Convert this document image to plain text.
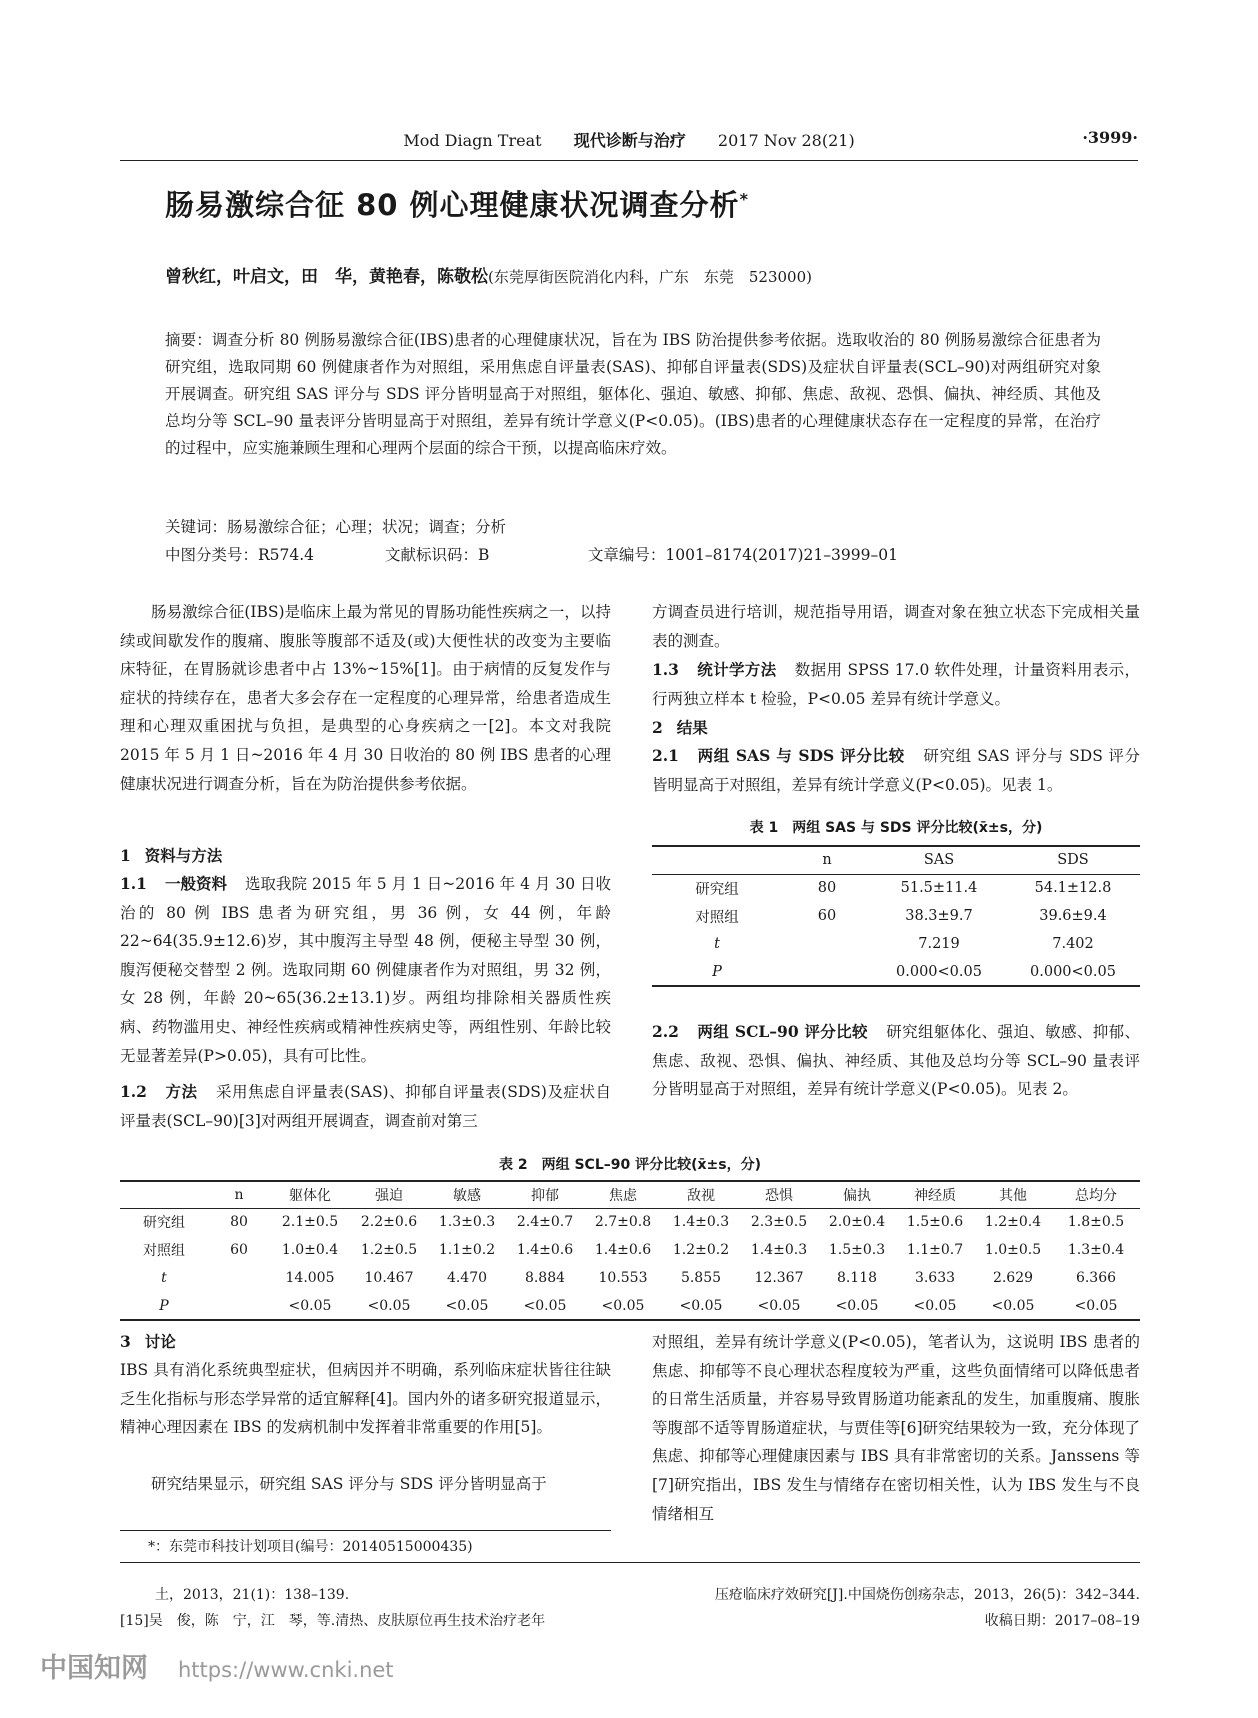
Mod Diagn Treat 现代诊断与治疗 2017 Nov 28(21)	·3999·
肠易激综合征 80 例心理健康状况调查分析*
曾秋红，叶启文，田　华，黄艳春，陈敬松(东莞厚街医院消化内科，广东　东莞　523000)
摘要：调查分析 80 例肠易激综合征(IBS)患者的心理健康状况，旨在为 IBS 防治提供参考依据。选取收治的 80 例肠易激综合征患者为研究组，选取同期 60 例健康者作为对照组，采用焦虑自评量表(SAS)、抑郁自评量表(SDS)及症状自评量表(SCL–90)对两组研究对象开展调查。研究组 SAS 评分与 SDS 评分皆明显高于对照组，躯体化、强迫、敏感、抑郁、焦虑、敌视、恐惧、偏执、神经质、其他及总均分等 SCL–90 量表评分皆明显高于对照组，差异有统计学意义(P<0.05)。(IBS)患者的心理健康状态存在一定程度的异常，在治疗的过程中，应实施兼顾生理和心理两个层面的综合干预，以提高临床疗效。
关键词：肠易激综合征；心理；状况；调查；分析
中图分类号：R574.4	文献标识码：B	文章编号：1001–8174(2017)21–3999–01
肠易激综合征(IBS)是临床上最为常见的胃肠功能性疾病之一，以持续或间歇发作的腹痛、腹胀等腹部不适及(或)大便性状的改变为主要临床特征，在胃肠就诊患者中占 13%~15%[1]。由于病情的反复发作与症状的持续存在，患者大多会存在一定程度的心理异常，给患者造成生理和心理双重困扰与负担，是典型的心身疾病之一[2]。本文对我院 2015 年 5 月 1 日~2016 年 4 月 30 日收治的 80 例 IBS 患者的心理健康状况进行调查分析，旨在为防治提供参考依据。
1 资料与方法
1.1 一般资料 选取我院 2015 年 5 月 1 日~2016 年 4 月 30 日收治的 80 例 IBS 患者为研究组，男 36 例，女 44 例，年龄 22~64(35.9±12.6)岁，其中腹泻主导型 48 例，便秘主导型 30 例，腹泻便秘交替型 2 例。选取同期 60 例健康者作为对照组，男 32 例，女 28 例，年龄 20~65(36.2±13.1)岁。两组均排除相关器质性疾病、药物滥用史、神经性疾病或精神性疾病史等，两组性别、年龄比较无显著差异(P>0.05)，具有可比性。
1.2 方法 采用焦虑自评量表(SAS)、抑郁自评量表(SDS)及症状自评量表(SCL–90)[3]对两组开展调查，调查前对第三
方调查员进行培训，规范指导用语，调查对象在独立状态下完成相关量表的测查。
1.3 统计学方法 数据用 SPSS 17.0 软件处理，计量资料用表示，行两独立样本 t 检验，P<0.05 差异有统计学意义。
2 结果
2.1 两组 SAS 与 SDS 评分比较 研究组 SAS 评分与 SDS 评分皆明显高于对照组，差异有统计学意义(P<0.05)。见表 1。
表 1　两组 SAS 与 SDS 评分比较(x̄±s，分)
	n	SAS	SDS
研究组	80	51.5±11.4	54.1±12.8
对照组	60	38.3±9.7	39.6±9.4
t		7.219	7.402
P		0.000<0.05	0.000<0.05
2.2 两组 SCL–90 评分比较 研究组躯体化、强迫、敏感、抑郁、焦虑、敌视、恐惧、偏执、神经质、其他及总均分等 SCL–90 量表评分皆明显高于对照组，差异有统计学意义(P<0.05)。见表 2。
表 2　两组 SCL–90 评分比较(x̄±s，分)
	n	躯体化	强迫	敏感	抑郁	焦虑	敌视	恐惧	偏执	神经质	其他	总均分
研究组	80	2.1±0.5	2.2±0.6	1.3±0.3	2.4±0.7	2.7±0.8	1.4±0.3	2.3±0.5	2.0±0.4	1.5±0.6	1.2±0.4	1.8±0.5
对照组	60	1.0±0.4	1.2±0.5	1.1±0.2	1.4±0.6	1.4±0.6	1.2±0.2	1.4±0.3	1.5±0.3	1.1±0.7	1.0±0.5	1.3±0.4
t		14.005	10.467	4.470	8.884	10.553	5.855	12.367	8.118	3.633	2.629	6.366
P		<0.05	<0.05	<0.05	<0.05	<0.05	<0.05	<0.05	<0.05	<0.05	<0.05	<0.05
3 讨论
IBS 具有消化系统典型症状，但病因并不明确，系列临床症状皆往往缺乏生化指标与形态学异常的适宜解释[4]。国内外的诸多研究报道显示，精神心理因素在 IBS 的发病机制中发挥着非常重要的作用[5]。
研究结果显示，研究组 SAS 评分与 SDS 评分皆明显高于
对照组，差异有统计学意义(P<0.05)，笔者认为，这说明 IBS 患者的焦虑、抑郁等不良心理状态程度较为严重，这些负面情绪可以降低患者的日常生活质量，并容易导致胃肠道功能紊乱的发生，加重腹痛、腹胀等腹部不适等胃肠道症状，与贾佳等[6]研究结果较为一致，充分体现了焦虑、抑郁等心理健康因素与 IBS 具有非常密切的关系。Janssens 等[7]研究指出，IBS 发生与情绪存在密切相关性，认为 IBS 发生与不良情绪相互
*：东莞市科技计划项目(编号：20140515000435)
土，2013，21(1)：138–139.
[15]吴　俊，陈　宁，江　琴，等.清热、皮肤原位再生技术治疗老年
压疮临床疗效研究[J].中国烧伤创疡杂志，2013，26(5)：342–344.
收稿日期：2017–08–19
中国知网 https://www.cnki.net
